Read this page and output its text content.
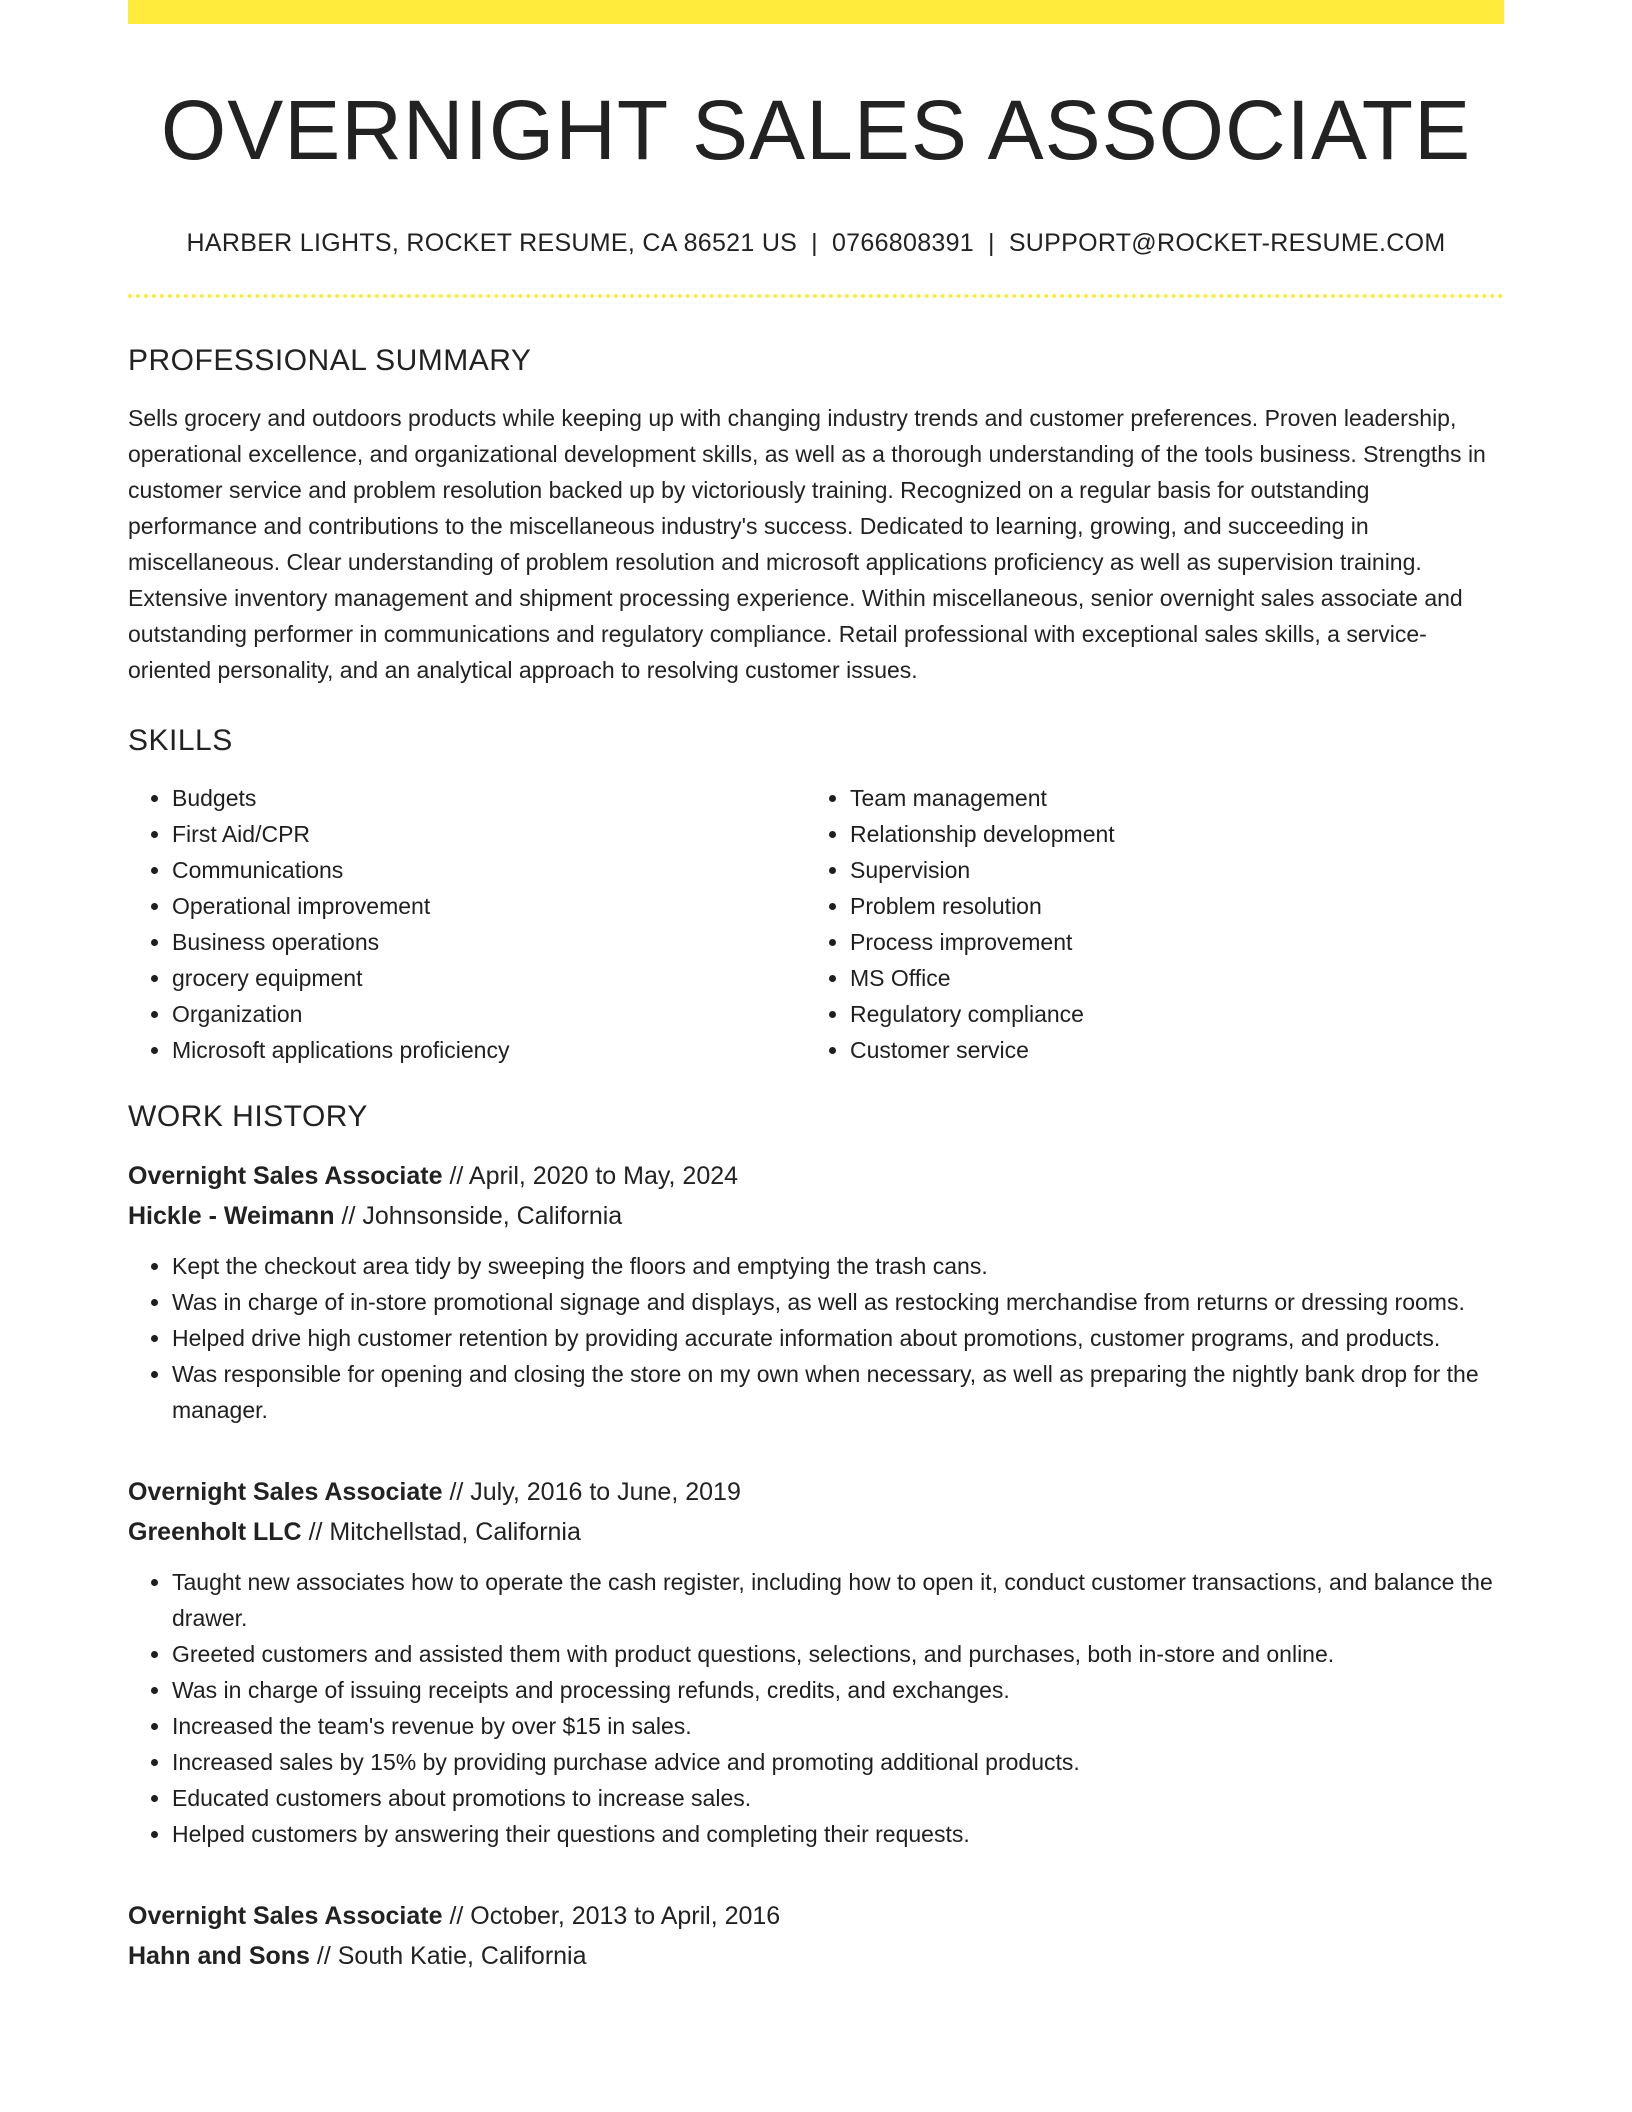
OVERNIGHT SALES ASSOCIATE
HARBER LIGHTS, ROCKET RESUME, CA 86521 US | 0766808391 | SUPPORT@ROCKET-RESUME.COM
PROFESSIONAL SUMMARY

Sells grocery and outdoors products while keeping up with changing industry trends and customer preferences. Proven leadership, operational excellence, and organizational development skills, as well as a thorough understanding of the tools business. Strengths in customer service and problem resolution backed up by victoriously training. Recognized on a regular basis for outstanding performance and contributions to the miscellaneous industry's success. Dedicated to learning, growing, and succeeding in miscellaneous. Clear understanding of problem resolution and microsoft applications proficiency as well as supervision training. Extensive inventory management and shipment processing experience. Within miscellaneous, senior overnight sales associate and outstanding performer in communications and regulatory compliance. Retail professional with exceptional sales skills, a service-oriented personality, and an analytical approach to resolving customer issues.

SKILLS
• Budgets
• First Aid/CPR
• Communications
• Operational improvement
• Business operations
• grocery equipment
• Organization
• Microsoft applications proficiency
• Team management
• Relationship development
• Supervision
• Problem resolution
• Process improvement
• MS Office
• Regulatory compliance
• Customer service
WORK HISTORY
Overnight Sales Associate // April, 2020 to May, 2024
Hickle - Weimann // Johnsonside, California
• Kept the checkout area tidy by sweeping the floors and emptying the trash cans.
• Was in charge of in-store promotional signage and displays, as well as restocking merchandise from returns or dressing rooms.
• Helped drive high customer retention by providing accurate information about promotions, customer programs, and products.
• Was responsible for opening and closing the store on my own when necessary, as well as preparing the nightly bank drop for the manager.
Overnight Sales Associate // July, 2016 to June, 2019
Greenholt LLC // Mitchellstad, California
• Taught new associates how to operate the cash register, including how to open it, conduct customer transactions, and balance the drawer.
• Greeted customers and assisted them with product questions, selections, and purchases, both in-store and online.
• Was in charge of issuing receipts and processing refunds, credits, and exchanges.
• Increased the team's revenue by over $15 in sales.
• Increased sales by 15% by providing purchase advice and promoting additional products.
• Educated customers about promotions to increase sales.
• Helped customers by answering their questions and completing their requests.
Overnight Sales Associate // October, 2013 to April, 2016
Hahn and Sons // South Katie, California
